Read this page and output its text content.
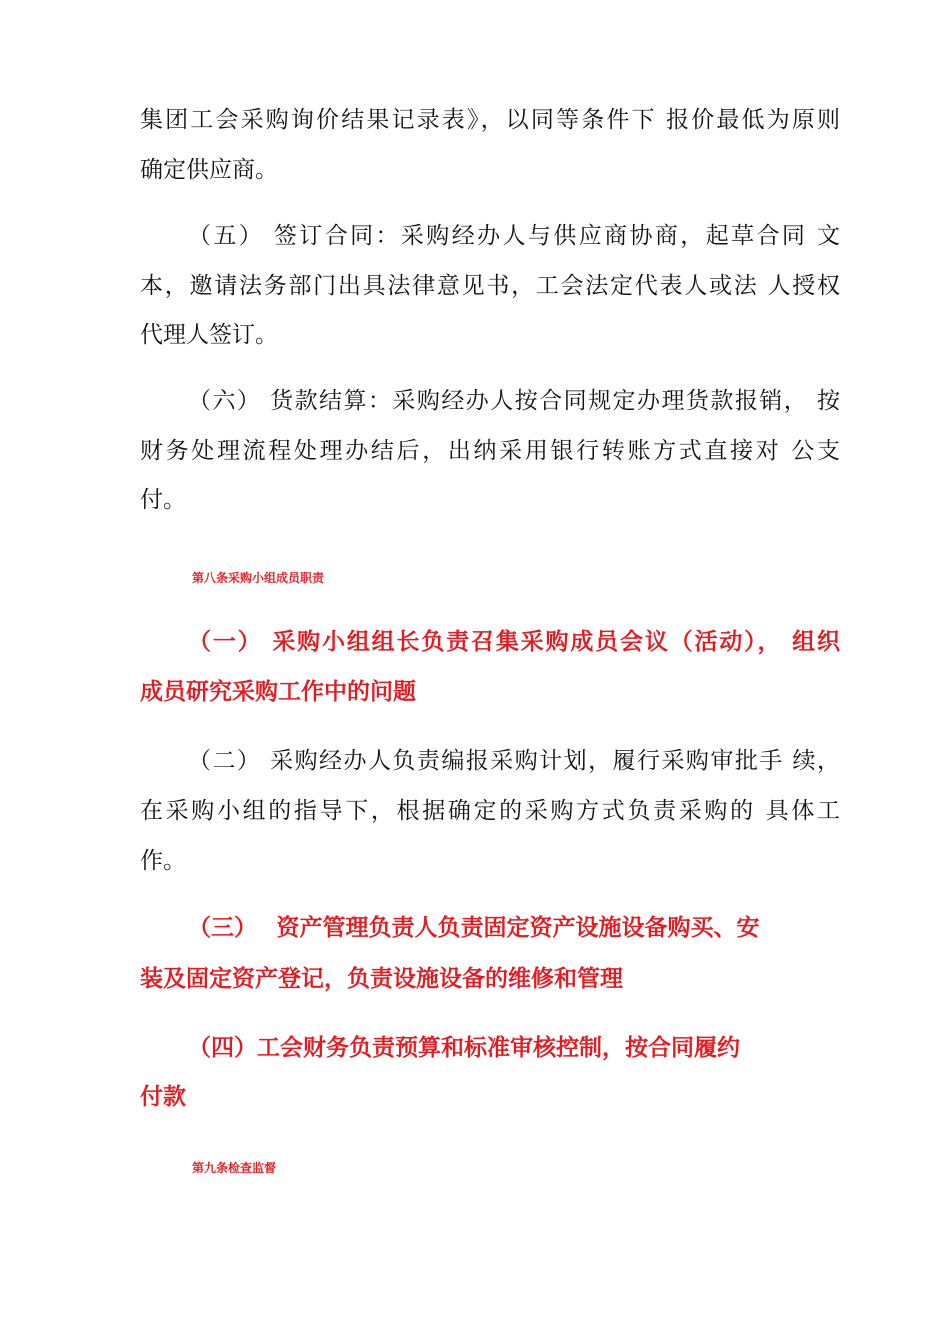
集团工会采购询价结果记录表》，以同等条件下 报价最低为原则
确定供应商。
（五） 签订合同：采购经办人与供应商协商，起草合同 文
本，邀请法务部门出具法律意见书，工会法定代表人或法 人授权
代理人签订。
（六） 货款结算：采购经办人按合同规定办理货款报销， 按
财务处理流程处理办结后，出纳采用银行转账方式直接对 公支
付。
第八条采购小组成员职责
（一） 采购小组组长负责召集采购成员会议（活动）， 组织
成员研究采购工作中的问题
（二） 采购经办人负责编报采购计划，履行采购审批手 续，
在采购小组的指导下，根据确定的采购方式负责采购的 具体工
作。
（三）　 资产管理负责人负责固定资产设施设备购买、安
装及固定资产登记，负责设施设备的维修和管理
（四）工会财务负责预算和标准审核控制，按合同履约
付款
第九条检查监督
